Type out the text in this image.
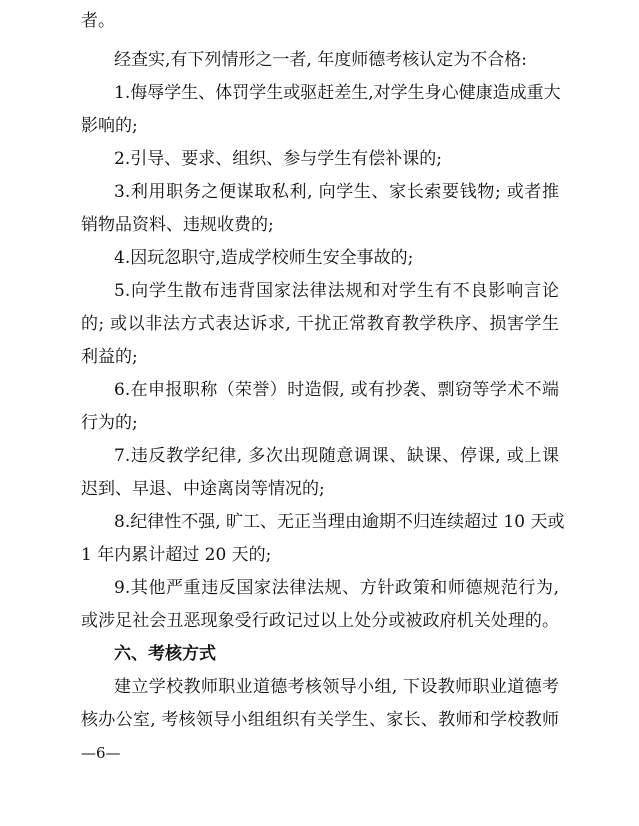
者。
经查实,有下列情形之一者, 年度师德考核认定为不合格:
1.侮辱学生、体罚学生或驱赶差生,对学生身心健康造成重大
影响的;
2.引导、要求、组织、参与学生有偿补课的;
3.利用职务之便谋取私利, 向学生、家长索要钱物; 或者推
销物品资料、违规收费的;
4.因玩忽职守,造成学校师生安全事故的;
5.向学生散布违背国家法律法规和对学生有不良影响言论
的; 或以非法方式表达诉求, 干扰正常教育教学秩序、损害学生
利益的;
6.在申报职称（荣誉）时造假, 或有抄袭、剽窃等学术不端
行为的;
7.违反教学纪律, 多次出现随意调课、缺课、停课, 或上课
迟到、早退、中途离岗等情况的;
8.纪律性不强, 旷工、无正当理由逾期不归连续超过 10 天或
1 年内累计超过 20 天的;
9.其他严重违反国家法律法规、方针政策和师德规范行为,
或涉足社会丑恶现象受行政记过以上处分或被政府机关处理的。
六、考核方式
建立学校教师职业道德考核领导小组, 下设教师职业道德考
核办公室, 考核领导小组组织有关学生、家长、教师和学校教师
—6—
